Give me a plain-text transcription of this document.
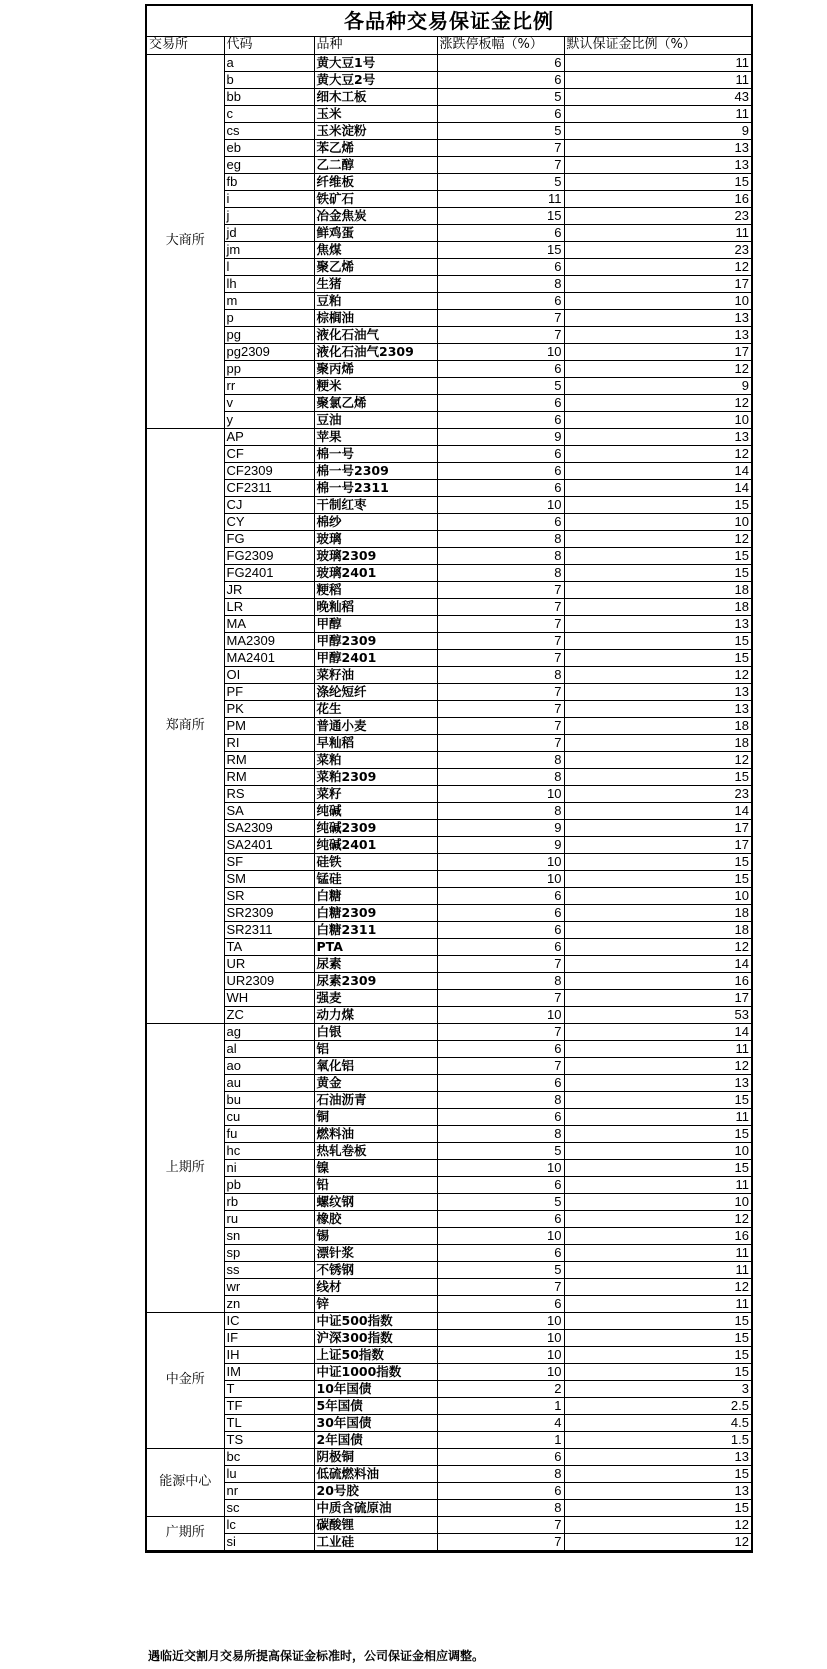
各品种交易保证金比例
交易所	代码	品种	涨跌停板幅（%）	默认保证金比例（%）
大商所	a	黄大豆1号	6	11
	b	黄大豆2号	6	11
	bb	细木工板	5	43
	c	玉米	6	11
	cs	玉米淀粉	5	9
	eb	苯乙烯	7	13
	eg	乙二醇	7	13
	fb	纤维板	5	15
	i	铁矿石	11	16
	j	冶金焦炭	15	23
	jd	鲜鸡蛋	6	11
	jm	焦煤	15	23
	l	聚乙烯	6	12
	lh	生猪	8	17
	m	豆粕	6	10
	p	棕榈油	7	13
	pg	液化石油气	7	13
	pg2309	液化石油气2309	10	17
	pp	聚丙烯	6	12
	rr	粳米	5	9
	v	聚氯乙烯	6	12
	y	豆油	6	10
郑商所	AP	苹果	9	13
	CF	棉一号	6	12
	CF2309	棉一号2309	6	14
	CF2311	棉一号2311	6	14
	CJ	干制红枣	10	15
	CY	棉纱	6	10
	FG	玻璃	8	12
	FG2309	玻璃2309	8	15
	FG2401	玻璃2401	8	15
	JR	粳稻	7	18
	LR	晚籼稻	7	18
	MA	甲醇	7	13
	MA2309	甲醇2309	7	15
	MA2401	甲醇2401	7	15
	OI	菜籽油	8	12
	PF	涤纶短纤	7	13
	PK	花生	7	13
	PM	普通小麦	7	18
	RI	早籼稻	7	18
	RM	菜粕	8	12
	RM	菜粕2309	8	15
	RS	菜籽	10	23
	SA	纯碱	8	14
	SA2309	纯碱2309	9	17
	SA2401	纯碱2401	9	17
	SF	硅铁	10	15
	SM	锰硅	10	15
	SR	白糖	6	10
	SR2309	白糖2309	6	18
	SR2311	白糖2311	6	18
	TA	PTA	6	12
	UR	尿素	7	14
	UR2309	尿素2309	8	16
	WH	强麦	7	17
	ZC	动力煤	10	53
上期所	ag	白银	7	14
	al	铝	6	11
	ao	氧化铝	7	12
	au	黄金	6	13
	bu	石油沥青	8	15
	cu	铜	6	11
	fu	燃料油	8	15
	hc	热轧卷板	5	10
	ni	镍	10	15
	pb	铅	6	11
	rb	螺纹钢	5	10
	ru	橡胶	6	12
	sn	锡	10	16
	sp	漂针浆	6	11
	ss	不锈钢	5	11
	wr	线材	7	12
	zn	锌	6	11
中金所	IC	中证500指数	10	15
	IF	沪深300指数	10	15
	IH	上证50指数	10	15
	IM	中证1000指数	10	15
	T	10年国债	2	3
	TF	5年国债	1	2.5
	TL	30年国债	4	4.5
	TS	2年国债	1	1.5
能源中心	bc	阴极铜	6	13
	lu	低硫燃料油	8	15
	nr	20号胶	6	13
	sc	中质含硫原油	8	15
广期所	lc	碳酸锂	7	12
	si	工业硅	7	12
遇临近交割月交易所提高保证金标准时，公司保证金相应调整。
